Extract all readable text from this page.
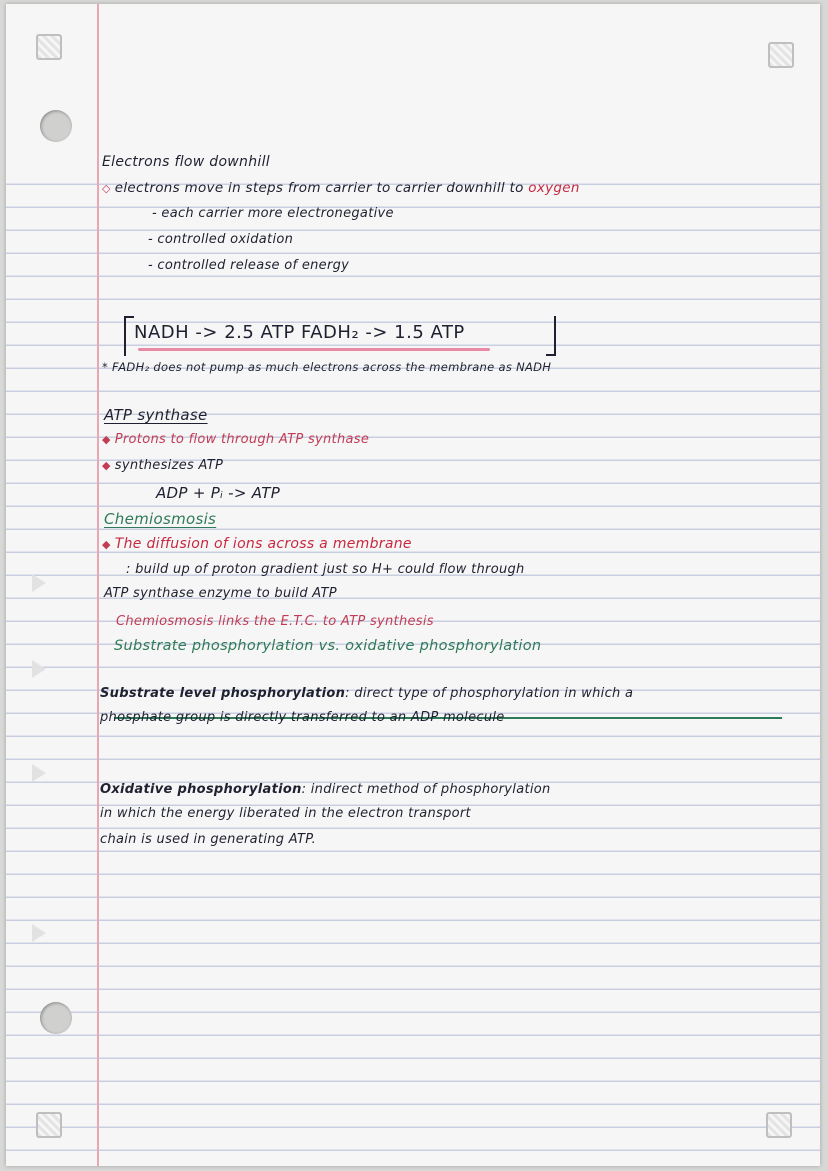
Electrons flow downhill
◇ electrons move in steps from carrier to carrier downhill to oxygen
- each carrier more electronegative
- controlled oxidation
- controlled release of energy
NADH -> 2.5 ATP FADH₂ -> 1.5 ATP
* FADH₂ does not pump as much electrons across the membrane as NADH
ATP synthase
◆ Protons to flow through ATP synthase
◆ synthesizes ATP
ADP + Pᵢ -> ATP
Chemiosmosis
◆ The diffusion of ions across a membrane
: build up of proton gradient just so H+ could flow through
ATP synthase enzyme to build ATP
Chemiosmosis links the E.T.C. to ATP synthesis
Substrate phosphorylation vs. oxidative phosphorylation
Substrate level phosphorylation: direct type of phosphorylation in which a
phosphate group is directly transferred to an ADP molecule
Oxidative phosphorylation: indirect method of phosphorylation
in which the energy liberated in the electron transport
chain is used in generating ATP.
